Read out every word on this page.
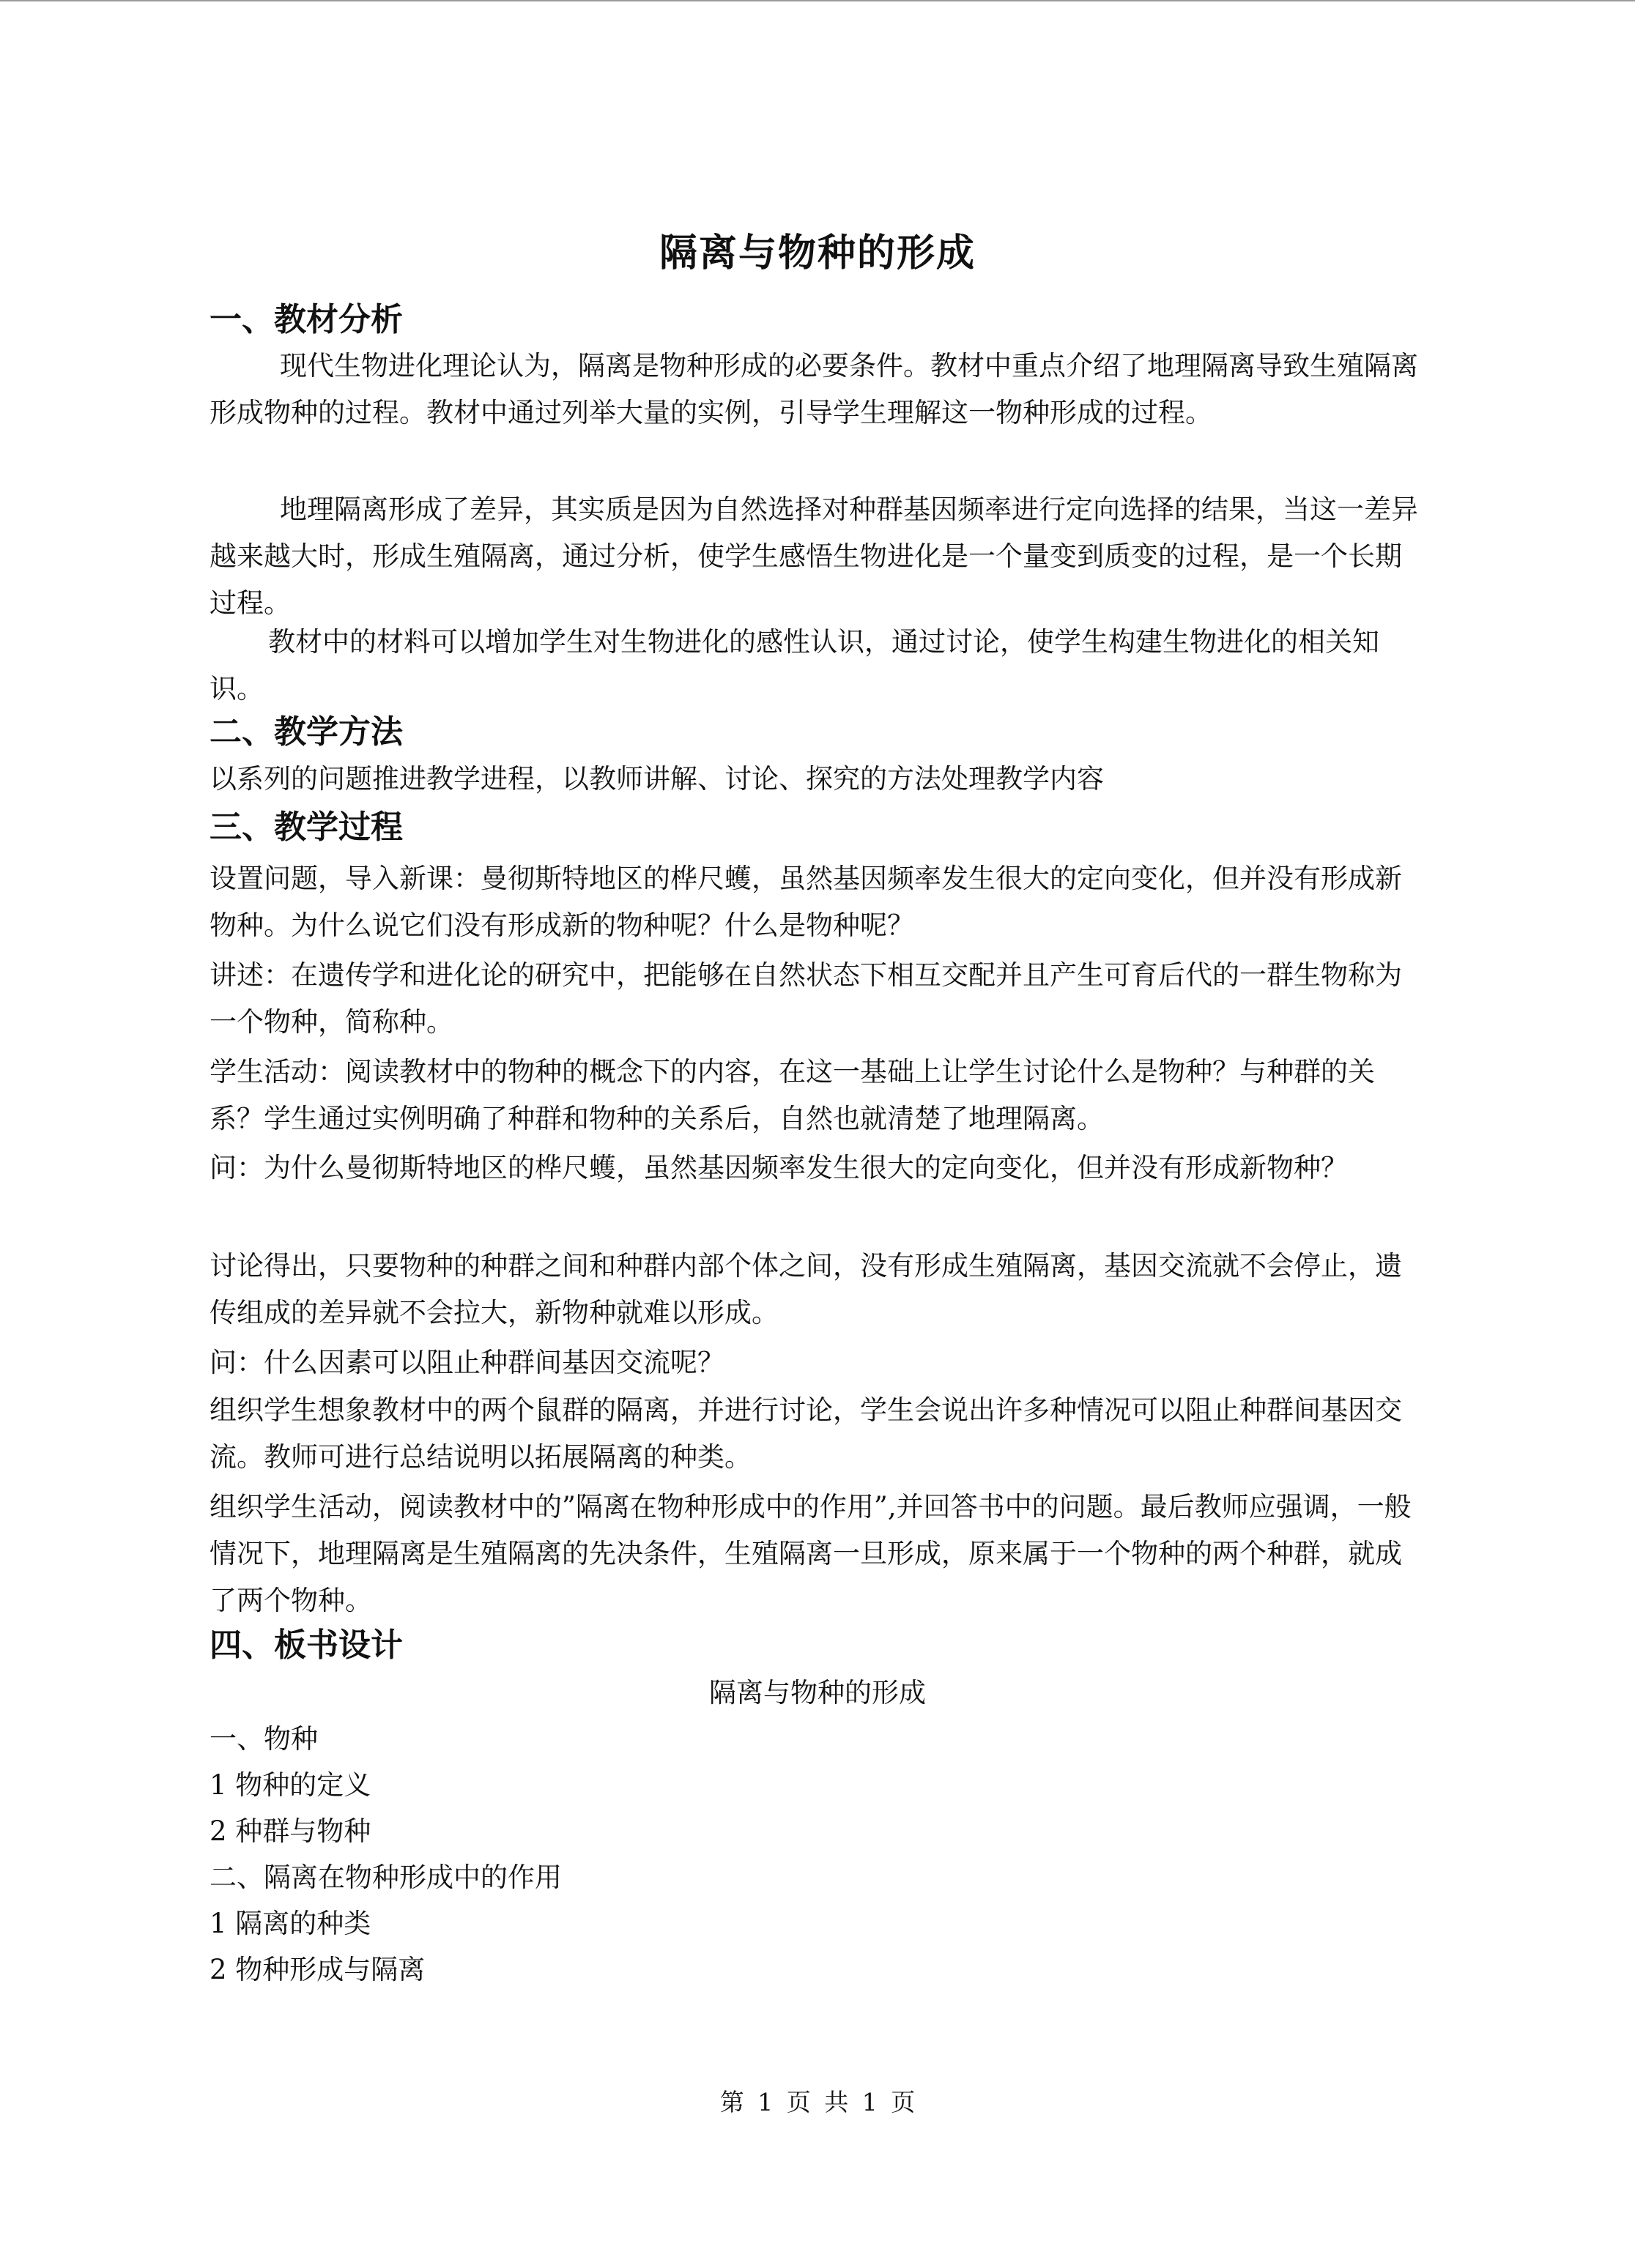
隔离与物种的形成
一、教材分析

现代生物进化理论认为，隔离是物种形成的必要条件。教材中重点介绍了地理隔离导致生殖隔离形成物种的过程。教材中通过列举大量的实例，引导学生理解这一物种形成的过程。

地理隔离形成了差异，其实质是因为自然选择对种群基因频率进行定向选择的结果，当这一差异越来越大时，形成生殖隔离，通过分析，使学生感悟生物进化是一个量变到质变的过程，是一个长期过程。

教材中的材料可以增加学生对生物进化的感性认识，通过讨论，使学生构建生物进化的相关知识。

二、教学方法

以系列的问题推进教学进程，以教师讲解、讨论、探究的方法处理教学内容

三、教学过程

设置问题，导入新课：曼彻斯特地区的桦尺蠖，虽然基因频率发生很大的定向变化，但并没有形成新物种。为什么说它们没有形成新的物种呢？什么是物种呢？

讲述：在遗传学和进化论的研究中，把能够在自然状态下相互交配并且产生可育后代的一群生物称为一个物种，简称种。

学生活动：阅读教材中的物种的概念下的内容，在这一基础上让学生讨论什么是物种？与种群的关系？学生通过实例明确了种群和物种的关系后，自然也就清楚了地理隔离。

问：为什么曼彻斯特地区的桦尺蠖，虽然基因频率发生很大的定向变化，但并没有形成新物种？

讨论得出，只要物种的种群之间和种群内部个体之间，没有形成生殖隔离，基因交流就不会停止，遗传组成的差异就不会拉大，新物种就难以形成。

问：什么因素可以阻止种群间基因交流呢？

组织学生想象教材中的两个鼠群的隔离，并进行讨论，学生会说出许多种情况可以阻止种群间基因交流。教师可进行总结说明以拓展隔离的种类。

组织学生活动，阅读教材中的”隔离在物种形成中的作用”,并回答书中的问题。最后教师应强调，一般情况下，地理隔离是生殖隔离的先决条件，生殖隔离一旦形成，原来属于一个物种的两个种群，就成了两个物种。

四、板书设计
隔离与物种的形成
一、物种
1 物种的定义
2 种群与物种
二、隔离在物种形成中的作用
1 隔离的种类
2 物种形成与隔离
第 1 页 共 1 页
